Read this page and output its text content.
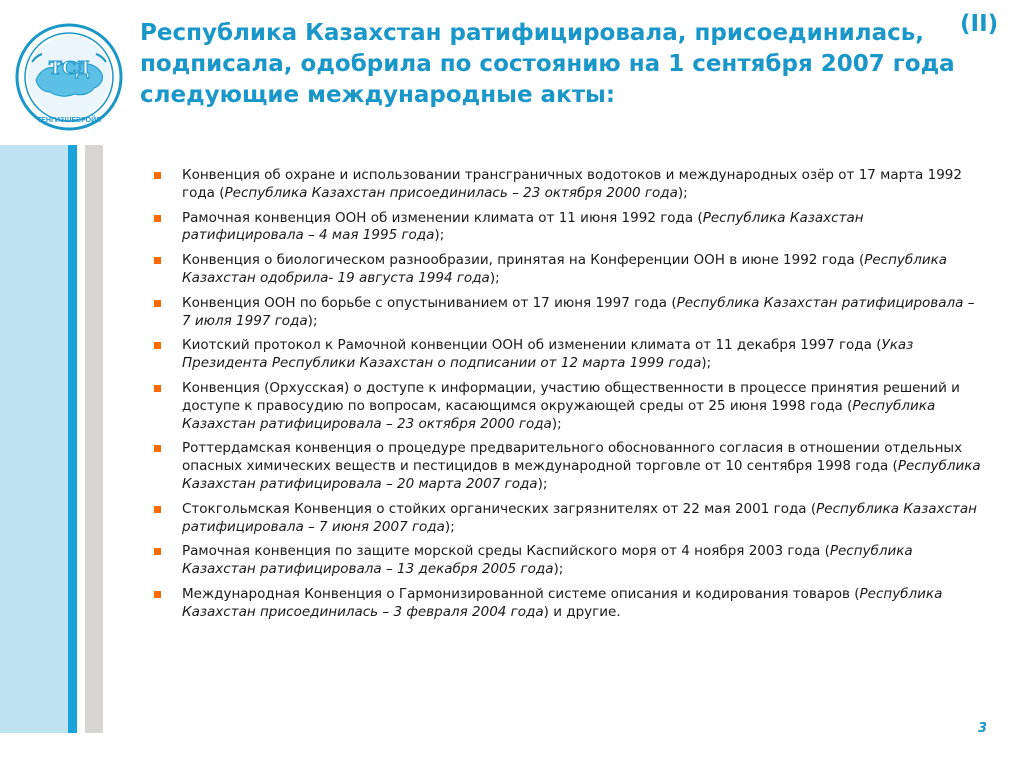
ТСД
ТЕНГИЗШЕВРОЙЛ
Республика Казахстан ратифицировала, присоединилась, подписала, одобрила по состоянию на 1 сентября 2007 года следующие международные акты:
(II)
Конвенция об охране и использовании трансграничных водотоков и международных озёр от 17 марта 1992 года (Республика Казахстан присоединилась – 23 октября 2000 года);
Рамочная конвенция ООН об изменении климата от 11 июня 1992 года (Республика Казахстан ратифицировала – 4 мая 1995 года);
Конвенция о биологическом разнообразии, принятая на Конференции ООН в июне 1992 года (Республика Казахстан одобрила- 19 августа 1994 года);
Конвенция ООН по борьбе с опустыниванием от 17 июня 1997 года (Республика Казахстан ратифицировала – 7 июля 1997 года);
Киотский протокол к Рамочной конвенции ООН об изменении климата от 11 декабря 1997 года (Указ Президента Республики Казахстан о подписании от 12 марта 1999 года);
Конвенция (Орхусская) о доступе к информации, участию общественности в процессе принятия решений и доступе к правосудию по вопросам, касающимся окружающей среды от 25 июня 1998 года (Республика Казахстан ратифицировала – 23 октября 2000 года);
Роттердамская конвенция о процедуре предварительного обоснованного согласия в отношении отдельных опасных химических веществ и пестицидов в международной торговле от 10 сентября 1998 года (Республика Казахстан ратифицировала – 20 марта 2007 года);
Стокгольмская Конвенция о стойких органических загрязнителях от 22 мая 2001 года (Республика Казахстан ратифицировала – 7 июня 2007 года);
Рамочная конвенция по защите морской среды Каспийского моря от 4 ноября 2003 года (Республика Казахстан ратифицировала – 13 декабря 2005 года);
Международная Конвенция о Гармонизированной системе описания и кодирования товаров (Республика Казахстан присоединилась – 3 февраля 2004 года) и другие.
3
